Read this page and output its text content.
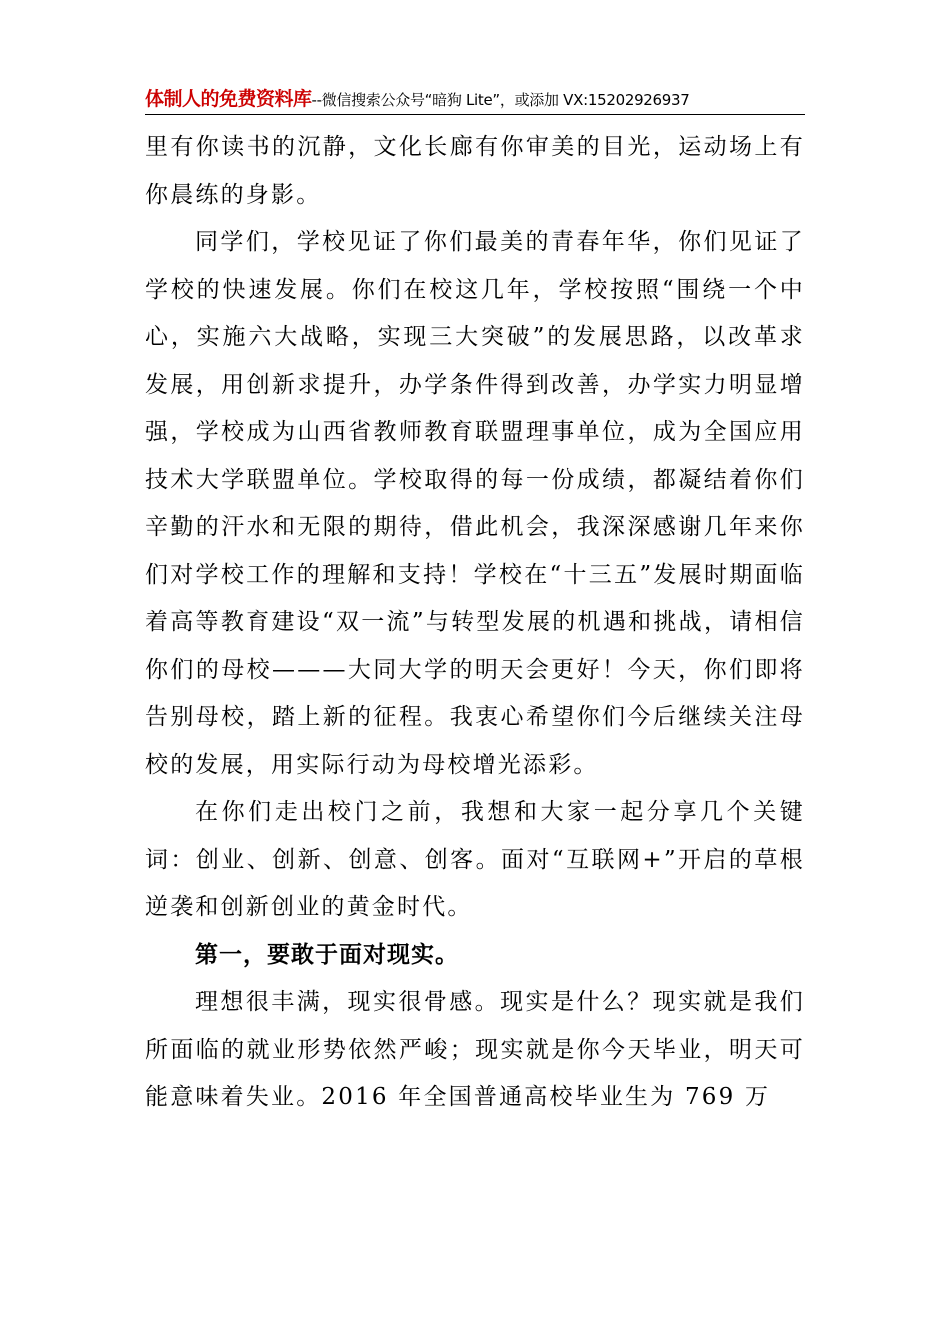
体制人的免费资料库--微信搜索公众号“暗狗 Lite”，或添加 VX:15202926937

里有你读书的沉静，文化长廊有你审美的目光，运动场上有你晨练的身影。

同学们，学校见证了你们最美的青春年华，你们见证了学校的快速发展。你们在校这几年，学校按照“围绕一个中心，实施六大战略，实现三大突破”的发展思路，以改革求发展，用创新求提升，办学条件得到改善，办学实力明显增强，学校成为山西省教师教育联盟理事单位，成为全国应用技术大学联盟单位。学校取得的每一份成绩，都凝结着你们辛勤的汗水和无限的期待，借此机会，我深深感谢几年来你们对学校工作的理解和支持！学校在“十三五”发展时期面临着高等教育建设“双一流”与转型发展的机遇和挑战，请相信你们的母校———大同大学的明天会更好！今天，你们即将告别母校，踏上新的征程。我衷心希望你们今后继续关注母校的发展，用实际行动为母校增光添彩。

在你们走出校门之前，我想和大家一起分享几个关键词：创业、创新、创意、创客。面对“互联网+”开启的草根逆袭和创新创业的黄金时代。

第一，要敢于面对现实。

理想很丰满，现实很骨感。现实是什么？现实就是我们所面临的就业形势依然严峻；现实就是你今天毕业，明天可能意味着失业。2016 年全国普通高校毕业生为 769 万
